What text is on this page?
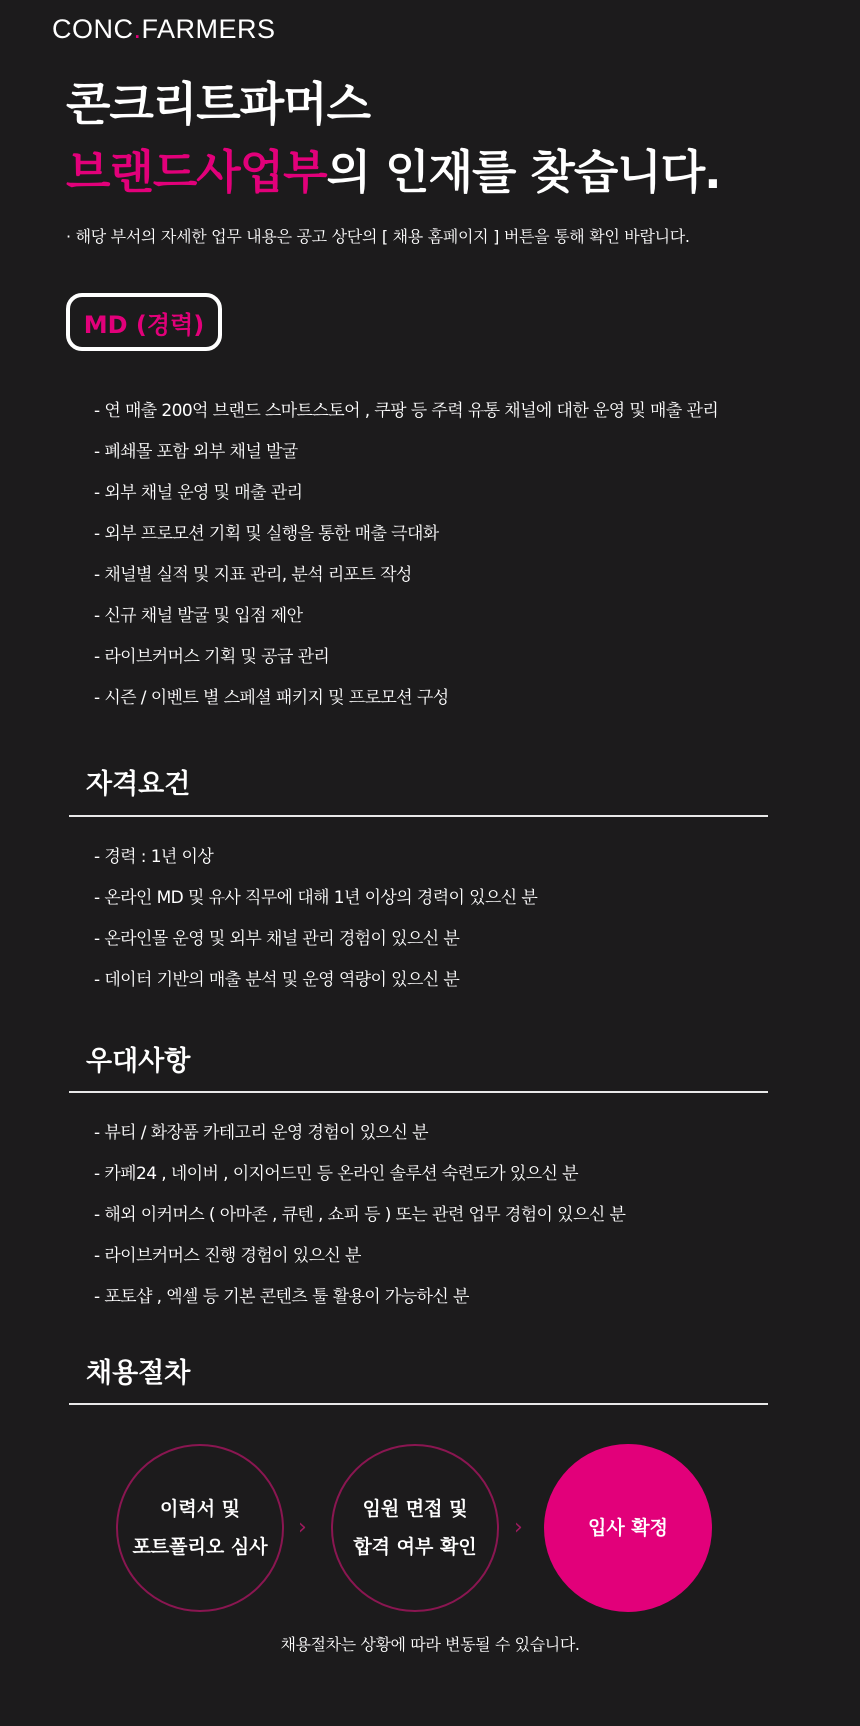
CONC.FARMERS
콘크리트파머스
브랜드사업부의 인재를 찾습니다.
· 해당 부서의 자세한 업무 내용은 공고 상단의 [ 채용 홈페이지 ] 버튼을 통해 확인 바랍니다.
MD (경력)
- 연 매출 200억 브랜드 스마트스토어 , 쿠팡 등 주력 유통 채널에 대한 운영 및 매출 관리
- 폐쇄몰 포함 외부 채널 발굴
- 외부 채널 운영 및 매출 관리
- 외부 프로모션 기획 및 실행을 통한 매출 극대화
- 채널별 실적 및 지표 관리, 분석 리포트 작성
- 신규 채널 발굴 및 입점 제안
- 라이브커머스 기획 및 공급 관리
- 시즌 / 이벤트 별 스페셜 패키지 및 프로모션 구성
자격요건
- 경력 : 1년 이상
- 온라인 MD 및 유사 직무에 대해 1년 이상의 경력이 있으신 분
- 온라인몰 운영 및 외부 채널 관리 경험이 있으신 분
- 데이터 기반의 매출 분석 및 운영 역량이 있으신 분
우대사항
- 뷰티 / 화장품 카테고리 운영 경험이 있으신 분
- 카페24 , 네이버 , 이지어드민 등 온라인 솔루션 숙련도가 있으신 분
- 해외 이커머스 ( 아마존 , 큐텐 , 쇼피 등 ) 또는 관련 업무 경험이 있으신 분
- 라이브커머스 진행 경험이 있으신 분
- 포토샵 , 엑셀 등 기본 콘텐츠 툴 활용이 가능하신 분
채용절차
이력서 및
포트폴리오 심사
›
임원 면접 및
합격 여부 확인
›	입사 확정
채용절차는 상황에 따라 변동될 수 있습니다.
